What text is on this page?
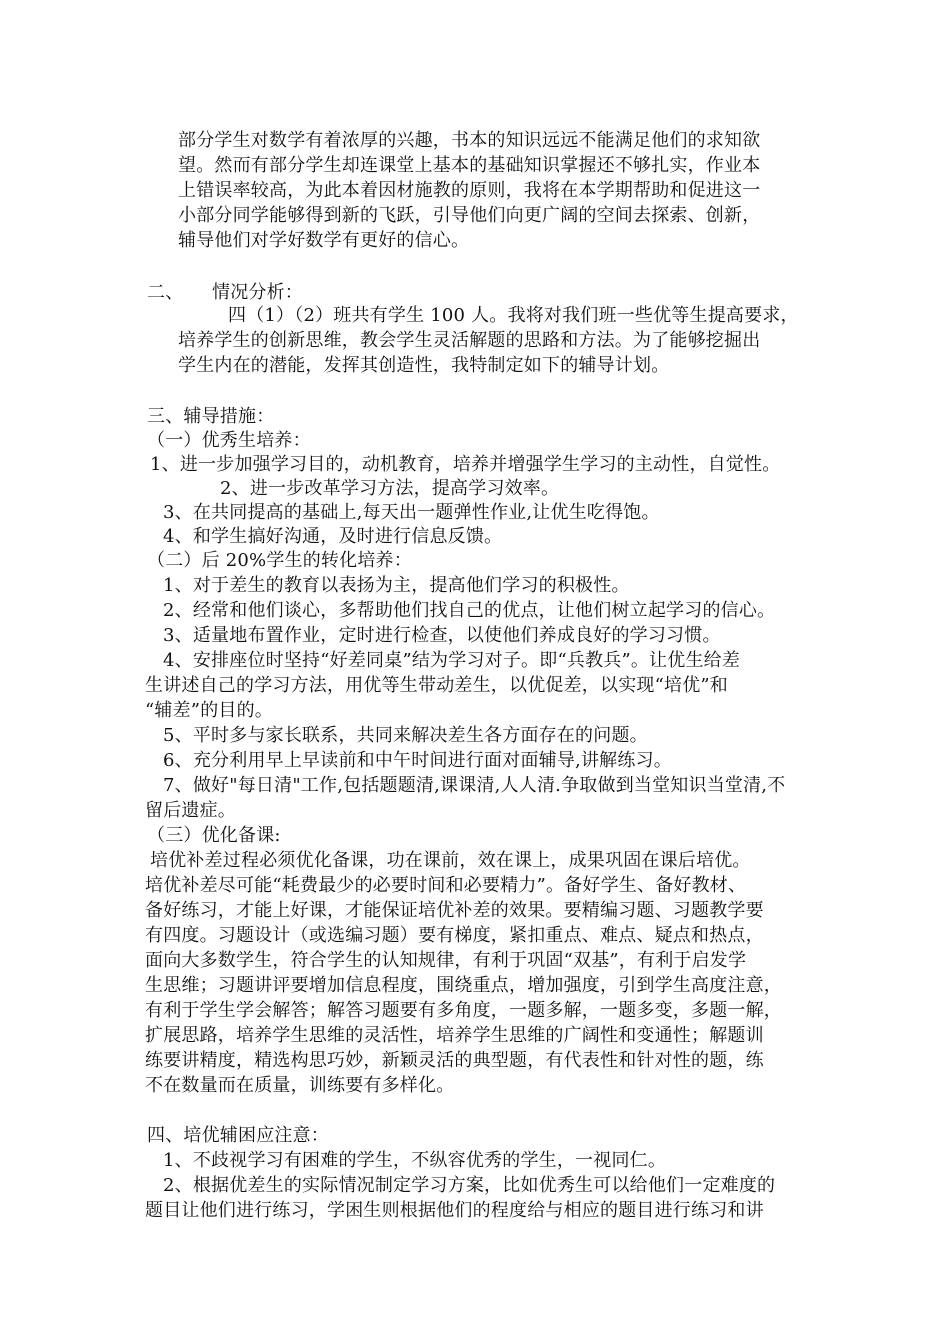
部分学生对数学有着浓厚的兴趣，书本的知识远远不能满足他们的求知欲
望。然而有部分学生却连课堂上基本的基础知识掌握还不够扎实，作业本
上错误率较高，为此本着因材施教的原则，我将在本学期帮助和促进这一
小部分同学能够得到新的飞跃，引导他们向更广阔的空间去探索、创新，
辅导他们对学好数学有更好的信心。
二、 情况分析：
四（1）（2）班共有学生 100 人。我将对我们班一些优等生提高要求，
培养学生的创新思维，教会学生灵活解题的思路和方法。为了能够挖掘出
学生内在的潜能，发挥其创造性，我特制定如下的辅导计划。
三、辅导措施：
（一）优秀生培养：
1、进一步加强学习目的，动机教育，培养并增强学生学习的主动性，自觉性。
2、进一步改革学习方法，提高学习效率。
3、在共同提高的基础上,每天出一题弹性作业,让优生吃得饱。
4、和学生搞好沟通，及时进行信息反馈。
（二）后 20%学生的转化培养：
1、对于差生的教育以表扬为主，提高他们学习的积极性。
2、经常和他们谈心，多帮助他们找自己的优点，让他们树立起学习的信心。
3、适量地布置作业，定时进行检查，以使他们养成良好的学习习惯。
4、安排座位时坚持“好差同桌”结为学习对子。即“兵教兵”。让优生给差
生讲述自己的学习方法，用优等生带动差生，以优促差，以实现“培优”和
“辅差”的目的。
5、平时多与家长联系，共同来解决差生各方面存在的问题。
6、充分利用早上早读前和中午时间进行面对面辅导,讲解练习。
7、做好"每日清"工作,包括题题清,课课清,人人清.争取做到当堂知识当堂清,不
留后遗症。
（三）优化备课:
培优补差过程必须优化备课，功在课前，效在课上，成果巩固在课后培优。
培优补差尽可能“耗费最少的必要时间和必要精力”。备好学生、备好教材、
备好练习，才能上好课，才能保证培优补差的效果。要精编习题、习题教学要
有四度。习题设计（或选编习题）要有梯度，紧扣重点、难点、疑点和热点，
面向大多数学生，符合学生的认知规律，有利于巩固“双基”，有利于启发学
生思维；习题讲评要增加信息程度，围绕重点，增加强度，引到学生高度注意，
有利于学生学会解答；解答习题要有多角度，一题多解，一题多变，多题一解，
扩展思路，培养学生思维的灵活性，培养学生思维的广阔性和变通性；解题训
练要讲精度，精选构思巧妙，新颖灵活的典型题，有代表性和针对性的题，练
不在数量而在质量，训练要有多样化。
四、培优辅困应注意：
1、不歧视学习有困难的学生，不纵容优秀的学生，一视同仁。
2、根据优差生的实际情况制定学习方案，比如优秀生可以给他们一定难度的
题目让他们进行练习，学困生则根据他们的程度给与相应的题目进行练习和讲
